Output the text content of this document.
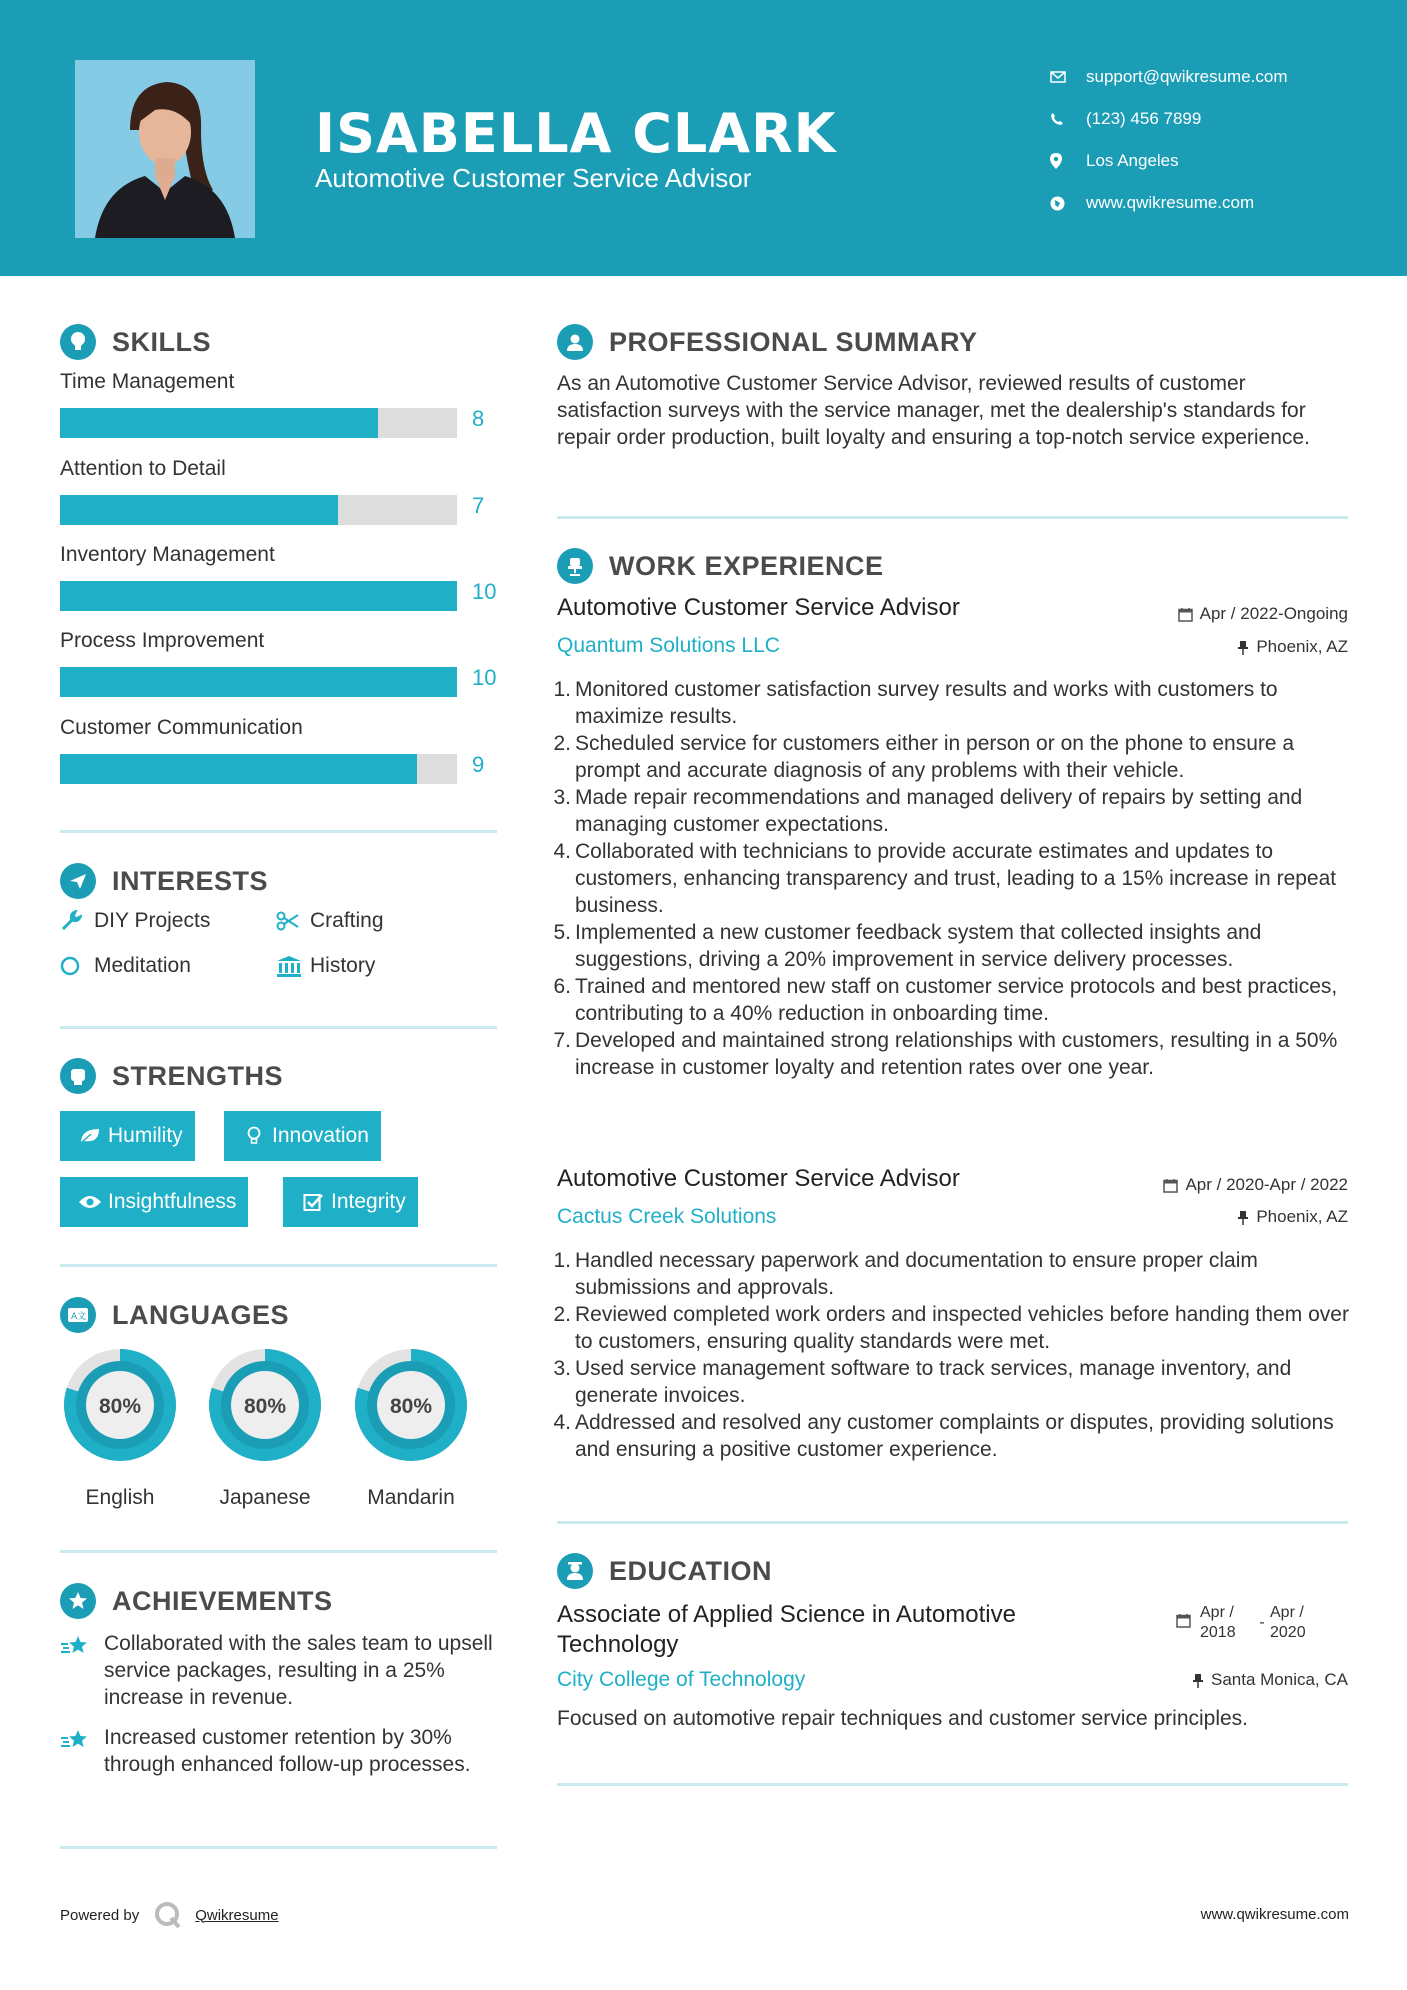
ISABELLA CLARK
Automotive Customer Service Advisor
support@qwikresume.com
(123) 456 7899
Los Angeles
www.qwikresume.com
SKILLS
Time Management
8
Attention to Detail
7
Inventory Management
10
Process Improvement
10
Customer Communication
9
INTERESTS
DIY Projects	Crafting
Meditation	History
STRENGTHS
Humility	Innovation
Insightfulness	Integrity
A文 LANGUAGES
80%
English
80%
Japanese
80%
Mandarin
ACHIEVEMENTS
Collaborated with the sales team to upsell service packages, resulting in a 25% increase in revenue.
Increased customer retention by 30% through enhanced follow-up processes.
PROFESSIONAL SUMMARY
As an Automotive Customer Service Advisor, reviewed results of customer satisfaction surveys with the service manager, met the dealership's standards for repair order production, built loyalty and ensuring a top-notch service experience.
WORK EXPERIENCE
Automotive Customer Service Advisor	Apr / 2022-Ongoing
Quantum Solutions LLC	Phoenix, AZ
Monitored customer satisfaction survey results and works with customers to maximize results.
Scheduled service for customers either in person or on the phone to ensure a prompt and accurate diagnosis of any problems with their vehicle.
Made repair recommendations and managed delivery of repairs by setting and managing customer expectations.
Collaborated with technicians to provide accurate estimates and updates to customers, enhancing transparency and trust, leading to a 15% increase in repeat business.
Implemented a new customer feedback system that collected insights and suggestions, driving a 20% improvement in service delivery processes.
Trained and mentored new staff on customer service protocols and best practices, contributing to a 40% reduction in onboarding time.
Developed and maintained strong relationships with customers, resulting in a 50% increase in customer loyalty and retention rates over one year.
Automotive Customer Service Advisor	Apr / 2020-Apr / 2022
Cactus Creek Solutions	Phoenix, AZ
Handled necessary paperwork and documentation to ensure proper claim submissions and approvals.
Reviewed completed work orders and inspected vehicles before handing them over to customers, ensuring quality standards were met.
Used service management software to track services, manage inventory, and generate invoices.
Addressed and resolved any customer complaints or disputes, providing solutions and ensuring a positive customer experience.
EDUCATION
Associate of Applied Science in Automotive Technology
Apr / 2018
-
Apr / 2020
City College of Technology	Santa Monica, CA
Focused on automotive repair techniques and customer service principles.
Powered by	Qwikresume	www.qwikresume.com
